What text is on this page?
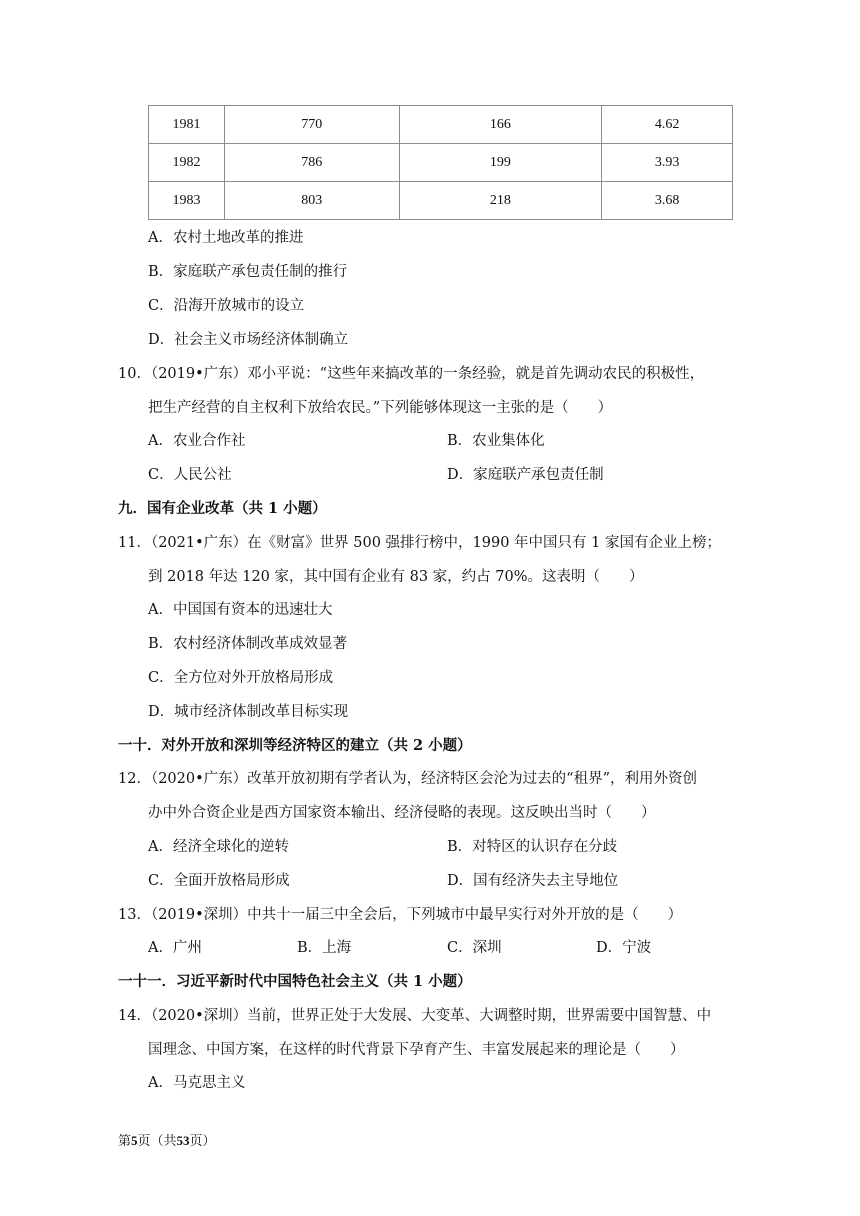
1981	770	166	4.62
1982	786	199	3.93
1983	803	218	3.68
A．农村土地改革的推进
B．家庭联产承包责任制的推行
C．沿海开放城市的设立
D．社会主义市场经济体制确立
10．（2019•广东）邓小平说：“这些年来搞改革的一条经验，就是首先调动农民的积极性，
把生产经营的自主权利下放给农民。”下列能够体现这一主张的是（　　）
A．农业合作社	B．农业集体化
C．人民公社	D．家庭联产承包责任制
九．国有企业改革（共 1 小题）
11．（2021•广东）在《财富》世界 500 强排行榜中，1990 年中国只有 1 家国有企业上榜；
到 2018 年达 120 家，其中国有企业有 83 家，约占 70%。这表明（　　）
A．中国国有资本的迅速壮大
B．农村经济体制改革成效显著
C．全方位对外开放格局形成
D．城市经济体制改革目标实现
一十．对外开放和深圳等经济特区的建立（共 2 小题）
12．（2020•广东）改革开放初期有学者认为，经济特区会沦为过去的“租界”，利用外资创
办中外合资企业是西方国家资本输出、经济侵略的表现。这反映出当时（　　）
A．经济全球化的逆转	B．对特区的认识存在分歧
C．全面开放格局形成	D．国有经济失去主导地位
13．（2019•深圳）中共十一届三中全会后，下列城市中最早实行对外开放的是（　　）
A．广州	B．上海	C．深圳	D．宁波
一十一．习近平新时代中国特色社会主义（共 1 小题）
14．（2020•深圳）当前，世界正处于大发展、大变革、大调整时期，世界需要中国智慧、中
国理念、中国方案，在这样的时代背景下孕育产生、丰富发展起来的理论是（　　）
A．马克思主义
第5页（共53页）
